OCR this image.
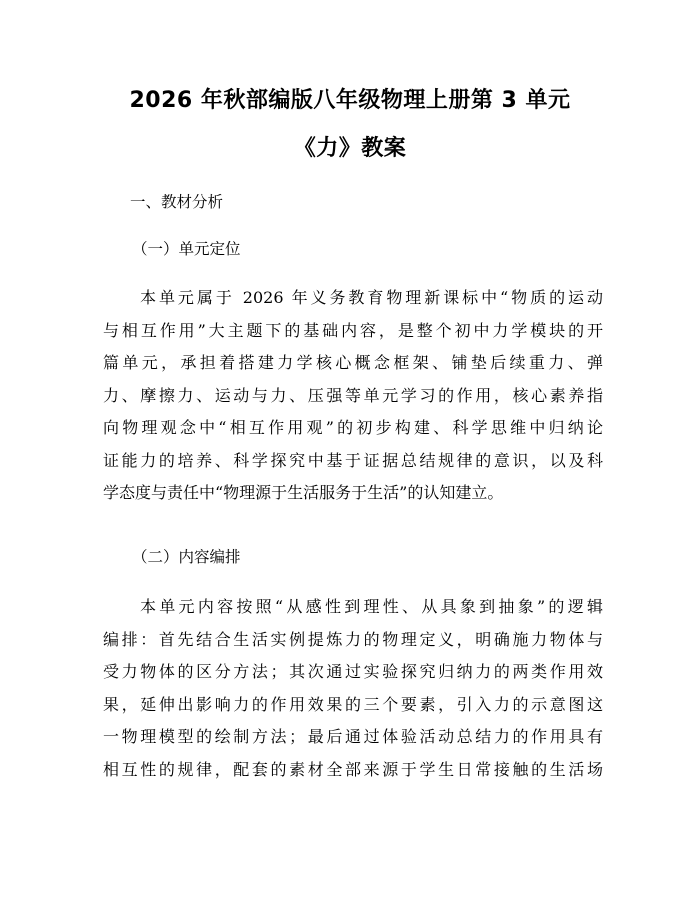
2026 年秋部编版八年级物理上册第 3 单元
《力》教案
一、教材分析
（一）单元定位
本单元属于 2026 年义务教育物理新课标中“物质的运动
与相互作用”大主题下的基础内容，是整个初中力学模块的开
篇单元，承担着搭建力学核心概念框架、铺垫后续重力、弹
力、摩擦力、运动与力、压强等单元学习的作用，核心素养指
向物理观念中“相互作用观”的初步构建、科学思维中归纳论
证能力的培养、科学探究中基于证据总结规律的意识，以及科
学态度与责任中“物理源于生活服务于生活”的认知建立。
（二）内容编排
本单元内容按照“从感性到理性、从具象到抽象”的逻辑
编排：首先结合生活实例提炼力的物理定义，明确施力物体与
受力物体的区分方法；其次通过实验探究归纳力的两类作用效
果，延伸出影响力的作用效果的三个要素，引入力的示意图这
一物理模型的绘制方法；最后通过体验活动总结力的作用具有
相互性的规律，配套的素材全部来源于学生日常接触的生活场
